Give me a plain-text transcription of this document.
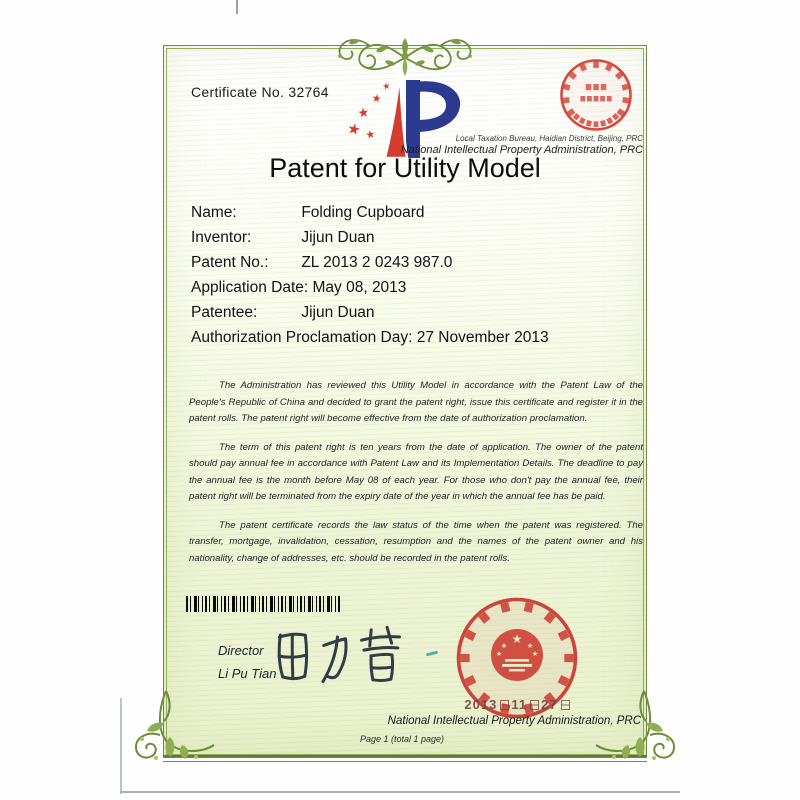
Certificate No. 32764	★
★
★
★ ★	Local Taxation Bureau, Haidian District, Beijing, PRC
National Intellectual Property Administration, PRC
Patent for Utility Model
Name:	Folding Cupboard
Inventor:	Jijun Duan
Patent No.: ZL 2013 2 0243 987.0
Application Date: May 08, 2013
Patentee:	Jijun Duan
Authorization Proclamation Day: 27 November 2013

The Administration has reviewed this Utility Model in accordance with the Patent Law of the People's Republic of China and decided to grant the patent right, issue this certificate and register it in the patent rolls. The patent right will become effective from the date of authorization proclamation.

The term of this patent right is ten years from the date of application. The owner of the patent should pay annual fee in accordance with Patent Law and its Implementation Details. The deadline to pay the annual fee is the month before May 08 of each year. For those who don't pay the annual fee, their patent right will be terminated from the expiry date of the year in which the annual fee has be paid.

The patent certificate records the law status of the time when the patent was registered. The transfer, mortgage, invalidation, cessation, resumption and the names of the patent owner and his nationality, change of addresses, etc. should be recorded in the patent rolls.

Director
Li Pu Tian
★
★	★
★	★
2013 11 27
National Intellectual Property Administration, PRC
Page 1 (total 1 page)
